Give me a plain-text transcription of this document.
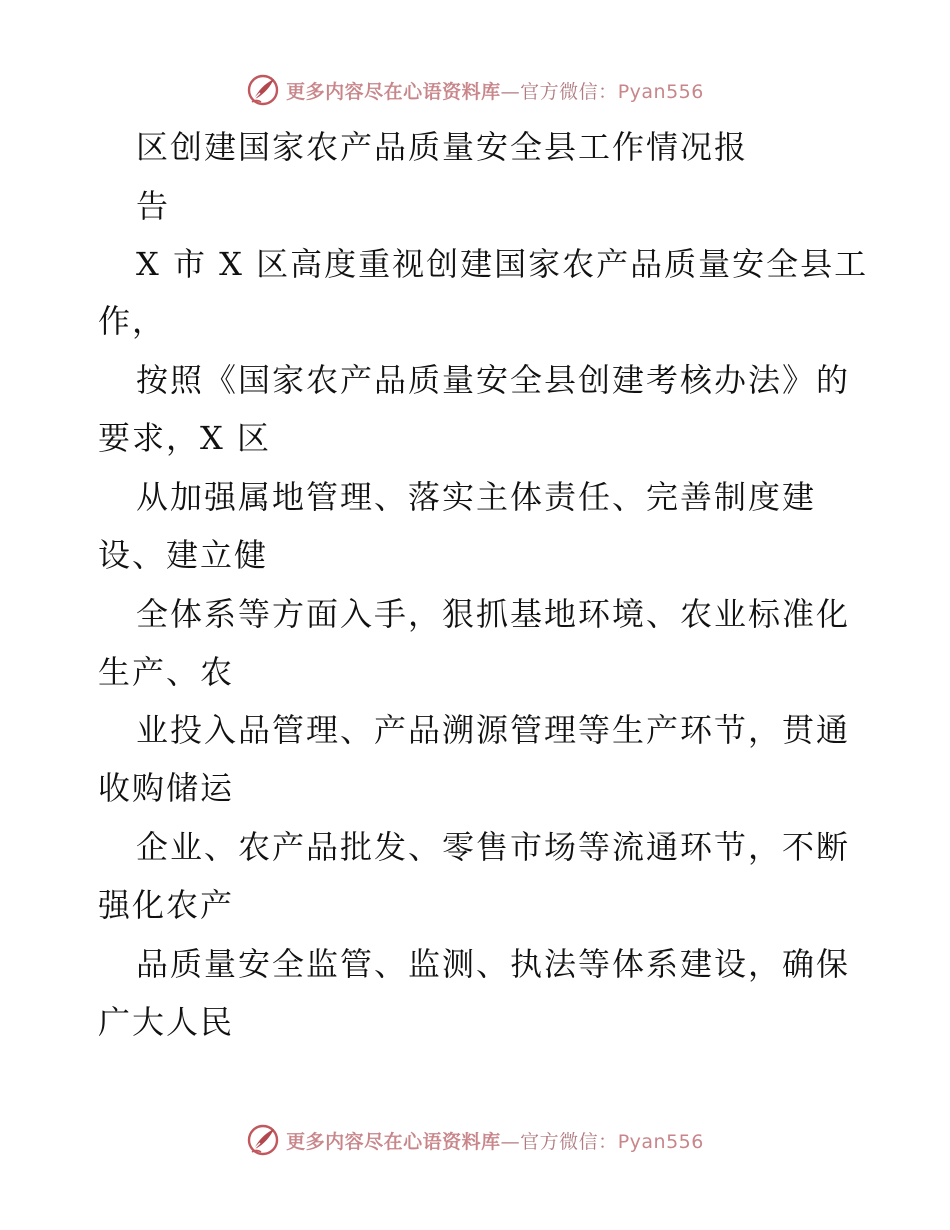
更多内容尽在心语资料库—官方微信：Pyan556
区创建国家农产品质量安全县工作情况报
告
X 市 X 区高度重视创建国家农产品质量安全县工
作，
按照《国家农产品质量安全县创建考核办法》的
要求，X 区
从加强属地管理、落实主体责任、完善制度建
设、建立健
全体系等方面入手，狠抓基地环境、农业标准化
生产、农
业投入品管理、产品溯源管理等生产环节，贯通
收购储运
企业、农产品批发、零售市场等流通环节，不断
强化农产
品质量安全监管、监测、执法等体系建设，确保
广大人民
更多内容尽在心语资料库—官方微信：Pyan556
